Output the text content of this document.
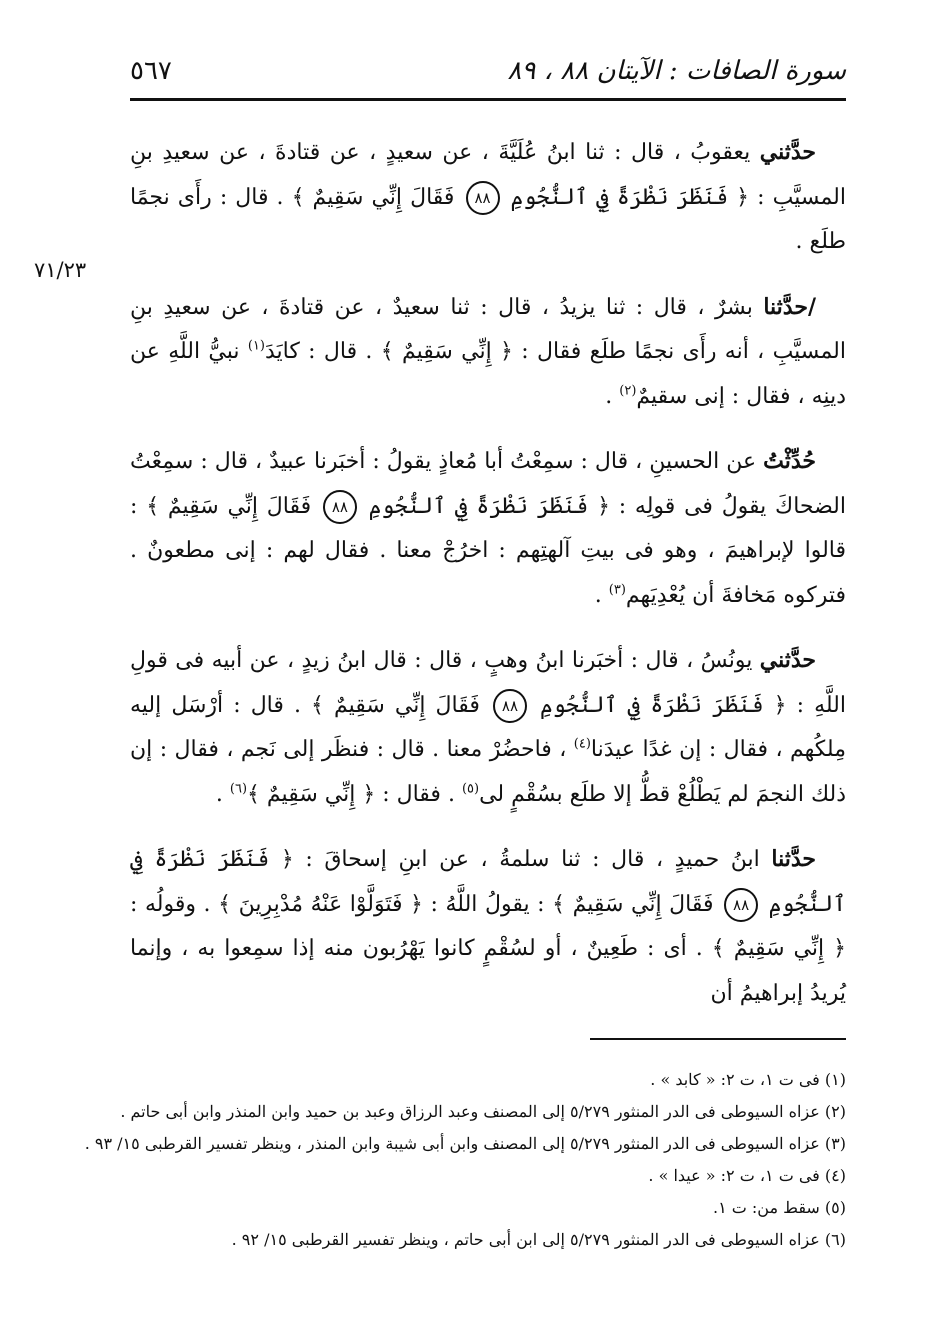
سورة الصافات : الآيتان ٨٨ ، ٨٩
٥٦٧
٧١/٢٣

حدَّثني يعقوبُ ، قال : ثنا ابنُ عُلَيَّةَ ، عن سعيدٍ ، عن قتادةَ ، عن سعيدِ بنِ المسيَّبِ : ﴿ فَنَظَرَ نَظْرَةً فِي ٱلنُّجُومِ ٨٨ فَقَالَ إِنِّي سَقِيمٌ ﴾ . قال : رأَى نجمًا طلَع .

/حدَّثنا بشرٌ ، قال : ثنا يزيدُ ، قال : ثنا سعيدٌ ، عن قتادةَ ، عن سعيدِ بنِ المسيَّبِ ، أنه رأَى نجمًا طلَع فقال : ﴿ إِنِّي سَقِيمٌ ﴾ . قال : كايَدَ$^{(١)}$ نبيُّ اللَّهِ عن دينِه ، فقال : إنى سقيمٌ$^{(٢)}$ .

حُدِّثْتُ عن الحسينِ ، قال : سمِعْتُ أبا مُعاذٍ يقولُ : أخبَرنا عبيدٌ ، قال : سمِعْتُ الضحاكَ يقولُ فى قولِه : ﴿ فَنَظَرَ نَظْرَةً فِي ٱلنُّجُومِ ٨٨ فَقَالَ إِنِّي سَقِيمٌ ﴾ : قالوا لإبراهيمَ ، وهو فى بيتِ آلهتِهم : اخرُجْ معنا . فقال لهم : إنى مطعونٌ . فتركوه مَخافةَ أن يُعْدِيَهم$^{(٣)}$ .

حدَّثني يونُسُ ، قال : أخبَرنا ابنُ وهبٍ ، قال : قال ابنُ زيدٍ ، عن أبيه فى قولِ اللَّهِ : ﴿ فَنَظَرَ نَظْرَةً فِي ٱلنُّجُومِ ٨٨ فَقَالَ إِنِّي سَقِيمٌ ﴾ . قال : أرْسَل إليه مِلكُهم ، فقال : إن غدًا عيدَنا$^{(٤)}$ ، فاحضُرْ معنا . قال : فنظَر إلى نَجم ، فقال : إن ذلك النجمَ لم يَطْلُعْ قطُّ إلا طلَع بسُقْمٍ لى$^{(٥)}$ . فقال : ﴿ إِنِّي سَقِيمٌ ﴾$^{(٦)}$ .

حدَّثنا ابنُ حميدٍ ، قال : ثنا سلمةُ ، عن ابنِ إسحاقَ : ﴿ فَنَظَرَ نَظْرَةً فِي ٱلنُّجُومِ ٨٨ فَقَالَ إِنِّي سَقِيمٌ ﴾ : يقولُ اللَّهُ : ﴿ فَتَوَلَّوْا عَنْهُ مُدْبِرِينَ ﴾ . وقولُه : ﴿ إِنِّي سَقِيمٌ ﴾ . أى : طَعِينٌ ، أو لسُقْمٍ كانوا يَهْرُبون منه إذا سمِعوا به ، وإنما يُريدُ إبراهيمُ أن

(١) فى ت ١، ت ٢: « كابد » .

(٢) عزاه السيوطى فى الدر المنثور ٥/٢٧٩ إلى المصنف وعبد الرزاق وعبد بن حميد وابن المنذر وابن أبى حاتم .

(٣) عزاه السيوطى فى الدر المنثور ٥/٢٧٩ إلى المصنف وابن أبى شيبة وابن المنذر ، وينظر تفسير القرطبى ١٥/ ٩٣ .

(٤) فى ت ١، ت ٢: « عيدا » .

(٥) سقط من: ت ١.

(٦) عزاه السيوطى فى الدر المنثور ٥/٢٧٩ إلى ابن أبى حاتم ، وينظر تفسير القرطبى ١٥/ ٩٢ .
